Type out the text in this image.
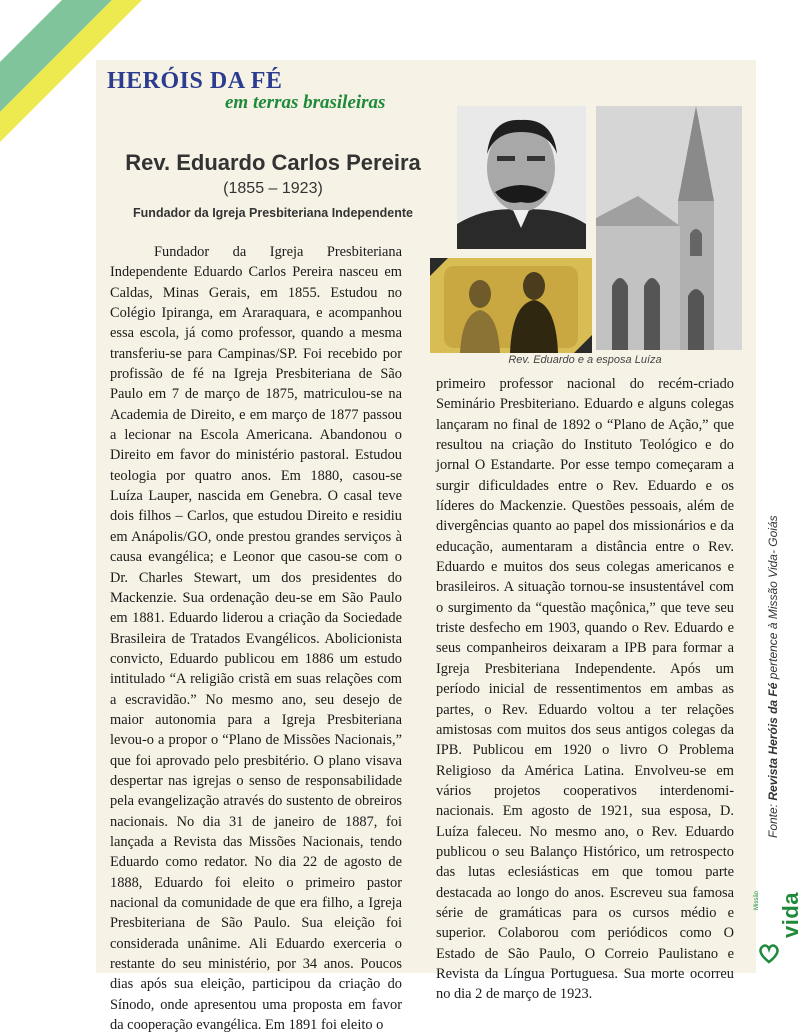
HERÓIS DA FÉ
em terras brasileiras
Rev. Eduardo Carlos Pereira
(1855 – 1923)
Fundador da Igreja Presbiteriana Independente

Fundador da Igreja Presbiteriana Independente Eduardo Carlos Pereira nasceu em Caldas, Minas Gerais, em 1855. Estudou no Colégio Ipiranga, em Araraquara, e acompanhou essa escola, já como professor, quando a mesma transferiu-se para Campinas/SP. Foi recebido por profissão de fé na Igreja Presbiteriana de São Paulo em 7 de março de 1875, matriculou-se na Academia de Direito, e em março de 1877 passou a lecionar na Escola Americana. Abandonou o Direito em favor do ministério pastoral. Estudou teologia por quatro anos. Em 1880, casou-se Luíza Lauper, nascida em Genebra. O casal teve dois filhos – Carlos, que estudou Direito e residiu em Anápolis/GO, onde prestou grandes serviços à causa evangélica; e Leonor que casou-se com o Dr. Charles Stewart, um dos presidentes do Mackenzie. Sua ordenação deu-se em São Paulo em 1881. Eduardo liderou a criação da Sociedade Brasileira de Tratados Evangélicos. Abolicionista convicto, Eduardo publicou em 1886 um estudo intitulado “A religião cristã em suas relações com a escravidão.” No mesmo ano, seu desejo de maior autonomia para a Igreja Presbiteriana levou-o a propor o “Plano de Missões Nacionais,” que foi aprovado pelo presbitério. O plano visava despertar nas igrejas o senso de responsabilidade pela evangelização através do sustento de obreiros nacionais. No dia 31 de janeiro de 1887, foi lançada a Revista das Missões Nacionais, tendo Eduardo como redator. No dia 22 de agosto de 1888, Eduardo foi eleito o primeiro pastor nacional da comunidade de que era filho, a Igreja Presbiteriana de São Paulo. Sua eleição foi considerada unânime. Ali Eduardo exerceria o restante do seu ministério, por 34 anos. Poucos dias após sua eleição, participou da criação do Sínodo, onde apresentou uma proposta em favor da cooperação evangélica. Em 1891 foi eleito o

Rev. Eduardo e a esposa Luíza

primeiro professor nacional do recém-criado Seminário Presbiteriano. Eduardo e alguns colegas lançaram no final de 1892 o “Plano de Ação,” que resultou na criação do Instituto Teológico e do jornal O Estandarte. Por esse tempo começaram a surgir dificuldades entre o Rev. Eduardo e os líderes do Mackenzie. Questões pessoais, além de divergências quanto ao papel dos missionários e da educação, aumentaram a distância entre o Rev. Eduardo e muitos dos seus colegas americanos e brasileiros. A situação tornou-se insustentável com o surgimento da “questão maçônica,” que teve seu triste desfecho em 1903, quando o Rev. Eduardo e seus companheiros deixaram a IPB para formar a Igreja Presbiteriana Independente. Após um período inicial de ressentimentos em ambas as partes, o Rev. Eduardo voltou a ter relações amistosas com muitos dos seus antigos colegas da IPB. Publicou em 1920 o livro O Problema Religioso da América Latina. Envolveu-se em vários projetos cooperativos interdenomi-nacionais. Em agosto de 1921, sua esposa, D. Luíza faleceu. No mesmo ano, o Rev. Eduardo publicou o seu Balanço Histórico, um retrospecto das lutas eclesiásticas em que tomou parte destacada ao longo do anos. Escreveu sua famosa série de gramáticas para os cursos médio e superior. Colaborou com periódicos como O Estado de São Paulo, O Correio Paulistano e Revista da Língua Portuguesa. Sua morte ocorreu no dia 2 de março de 1923.

Fonte: Revista Heróis da Fé pertence à Missão Vida- Goiás
Missão vida
